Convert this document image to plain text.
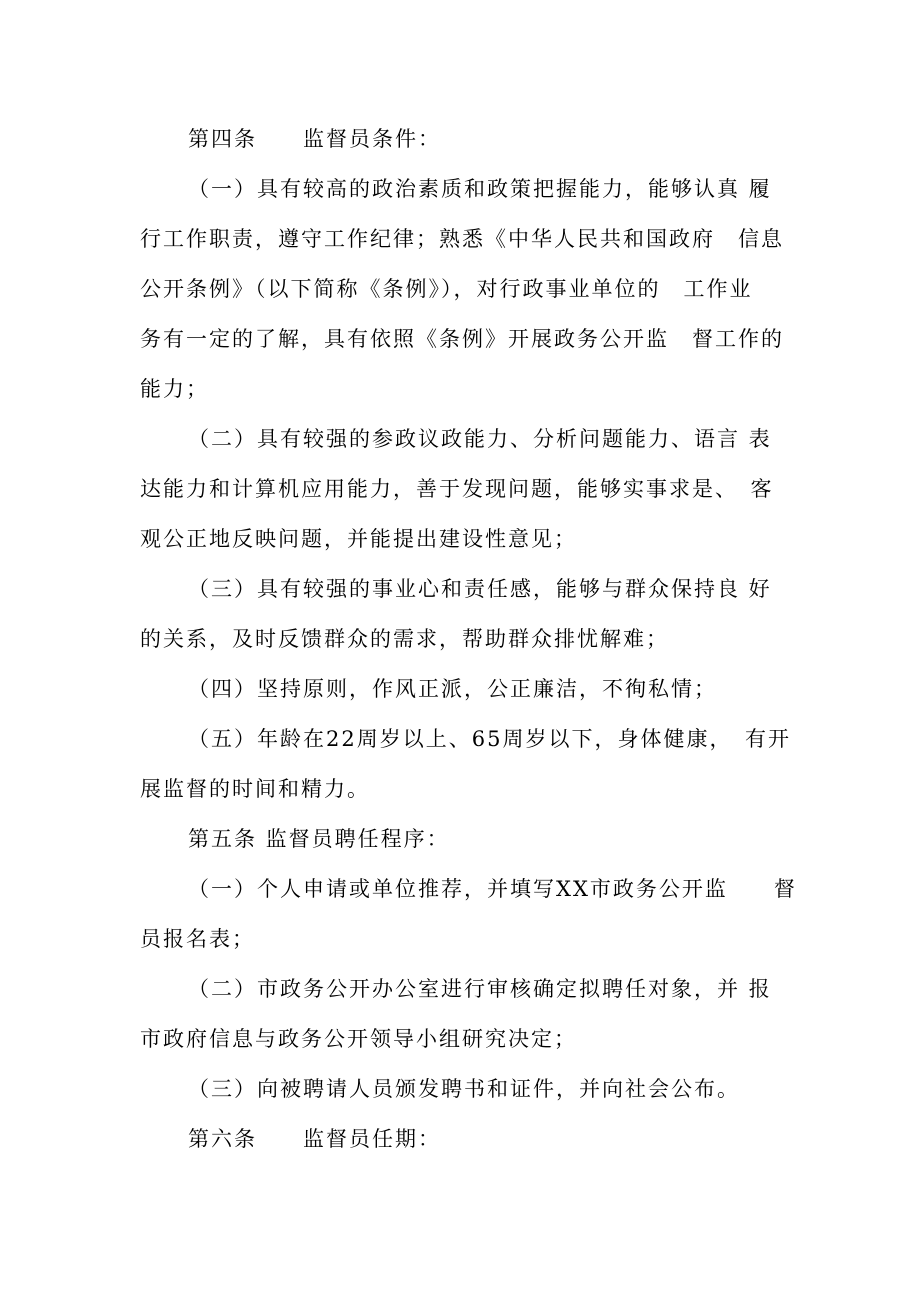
第四条　　监督员条件：
（一）具有较高的政治素质和政策把握能力，能够认真 履
行工作职责，遵守工作纪律；熟悉《中华人民共和国政府　信息
公开条例》（以下简称《条例》），对行政事业单位的　工作业
务有一定的了解，具有依照《条例》开展政务公开监　督工作的
能力；
（二）具有较强的参政议政能力、分析问题能力、语言 表
达能力和计算机应用能力，善于发现问题，能够实事求是、　客
观公正地反映问题，并能提出建设性意见；
（三）具有较强的事业心和责任感，能够与群众保持良 好
的关系，及时反馈群众的需求，帮助群众排忧解难；
（四）坚持原则，作风正派，公正廉洁，不徇私情；
（五）年龄在22周岁以上、65周岁以下，身体健康，　有开
展监督的时间和精力。
第五条 监督员聘任程序：
（一）个人申请或单位推荐，并填写XX市政务公开监　　督
员报名表；
（二）市政务公开办公室进行审核确定拟聘任对象，并 报
市政府信息与政务公开领导小组研究决定；
（三）向被聘请人员颁发聘书和证件，并向社会公布。
第六条　　监督员任期：
